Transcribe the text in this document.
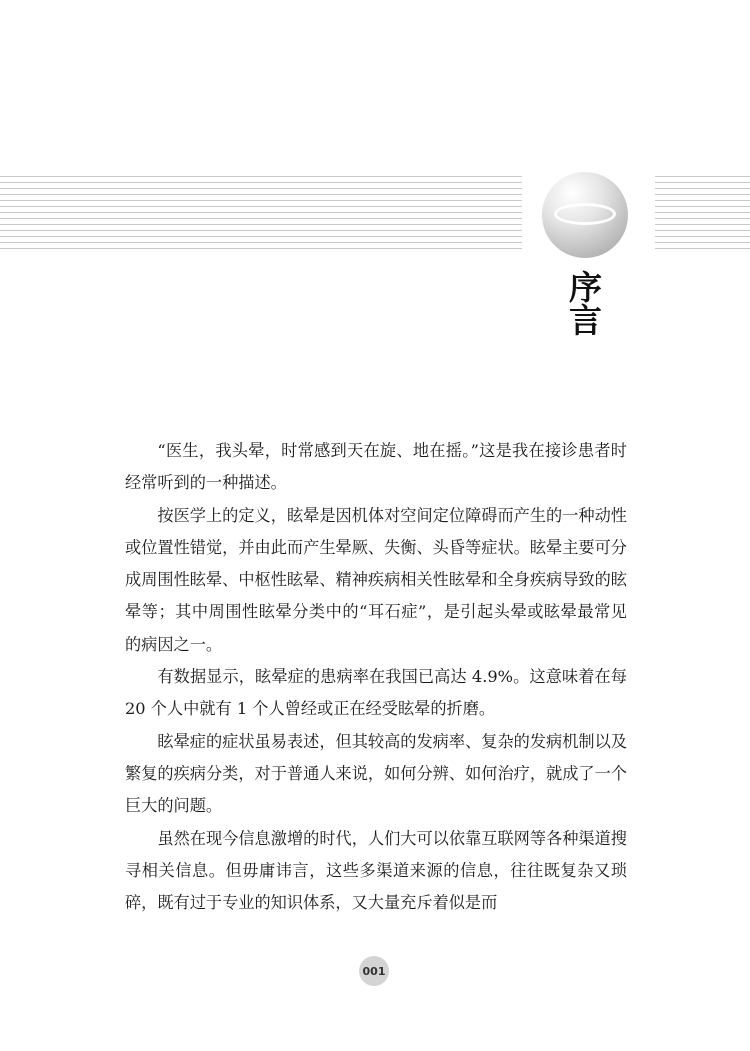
序言

“医生，我头晕，时常感到天在旋、地在摇。”这是我在接诊患者时经常听到的一种描述。

按医学上的定义，眩晕是因机体对空间定位障碍而产生的一种动性或位置性错觉，并由此而产生晕厥、失衡、头昏等症状。眩晕主要可分成周围性眩晕、中枢性眩晕、精神疾病相关性眩晕和全身疾病导致的眩晕等；其中周围性眩晕分类中的“耳石症”，是引起头晕或眩晕最常见的病因之一。

有数据显示，眩晕症的患病率在我国已高达 4.9%。这意味着在每 20 个人中就有 1 个人曾经或正在经受眩晕的折磨。

眩晕症的症状虽易表述，但其较高的发病率、复杂的发病机制以及繁复的疾病分类，对于普通人来说，如何分辨、如何治疗，就成了一个巨大的问题。

虽然在现今信息激增的时代，人们大可以依靠互联网等各种渠道搜寻相关信息。但毋庸讳言，这些多渠道来源的信息，往往既复杂又琐碎，既有过于专业的知识体系，又大量充斥着似是而

001
